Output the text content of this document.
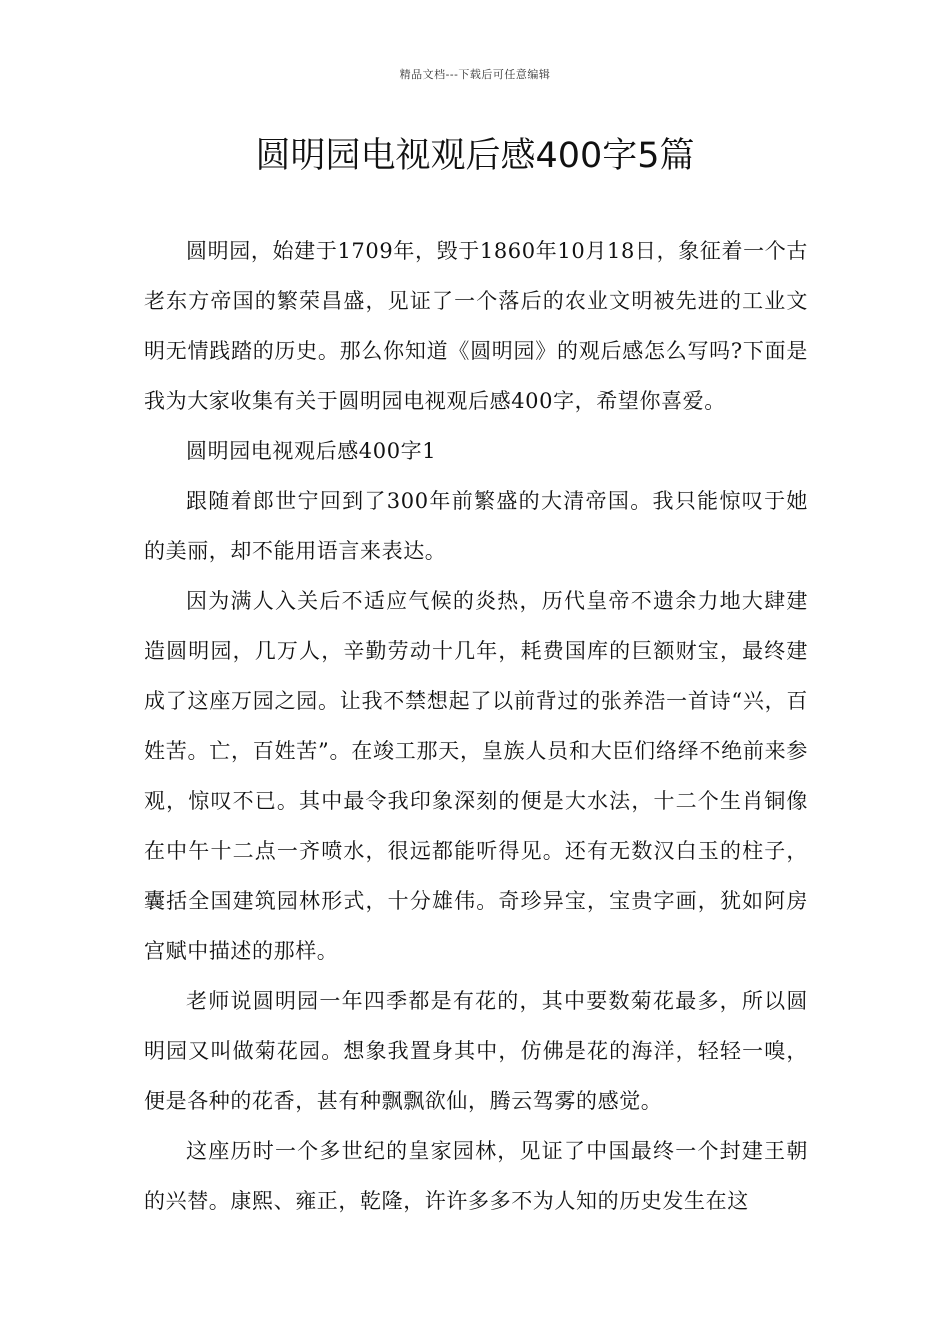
精品文档---下载后可任意编辑
圆明园电视观后感400字5篇

圆明园，始建于1709年，毁于1860年10月18日，象征着一个古老东方帝国的繁荣昌盛，见证了一个落后的农业文明被先进的工业文明无情践踏的历史。那么你知道《圆明园》的观后感怎么写吗?下面是我为大家收集有关于圆明园电视观后感400字，希望你喜爱。

圆明园电视观后感400字1

跟随着郎世宁回到了300年前繁盛的大清帝国。我只能惊叹于她的美丽，却不能用语言来表达。

因为满人入关后不适应气候的炎热，历代皇帝不遗余力地大肆建造圆明园，几万人，辛勤劳动十几年，耗费国库的巨额财宝，最终建成了这座万园之园。让我不禁想起了以前背过的张养浩一首诗“兴，百姓苦。亡，百姓苦”。在竣工那天，皇族人员和大臣们络绎不绝前来参观，惊叹不已。其中最令我印象深刻的便是大水法，十二个生肖铜像在中午十二点一齐喷水，很远都能听得见。还有无数汉白玉的柱子，囊括全国建筑园林形式，十分雄伟。奇珍异宝，宝贵字画，犹如阿房宫赋中描述的那样。

老师说圆明园一年四季都是有花的，其中要数菊花最多，所以圆明园又叫做菊花园。想象我置身其中，仿佛是花的海洋，轻轻一嗅，便是各种的花香，甚有种飘飘欲仙，腾云驾雾的感觉。

这座历时一个多世纪的皇家园林，见证了中国最终一个封建王朝的兴替。康熙、雍正，乾隆，许许多多不为人知的历史发生在这
